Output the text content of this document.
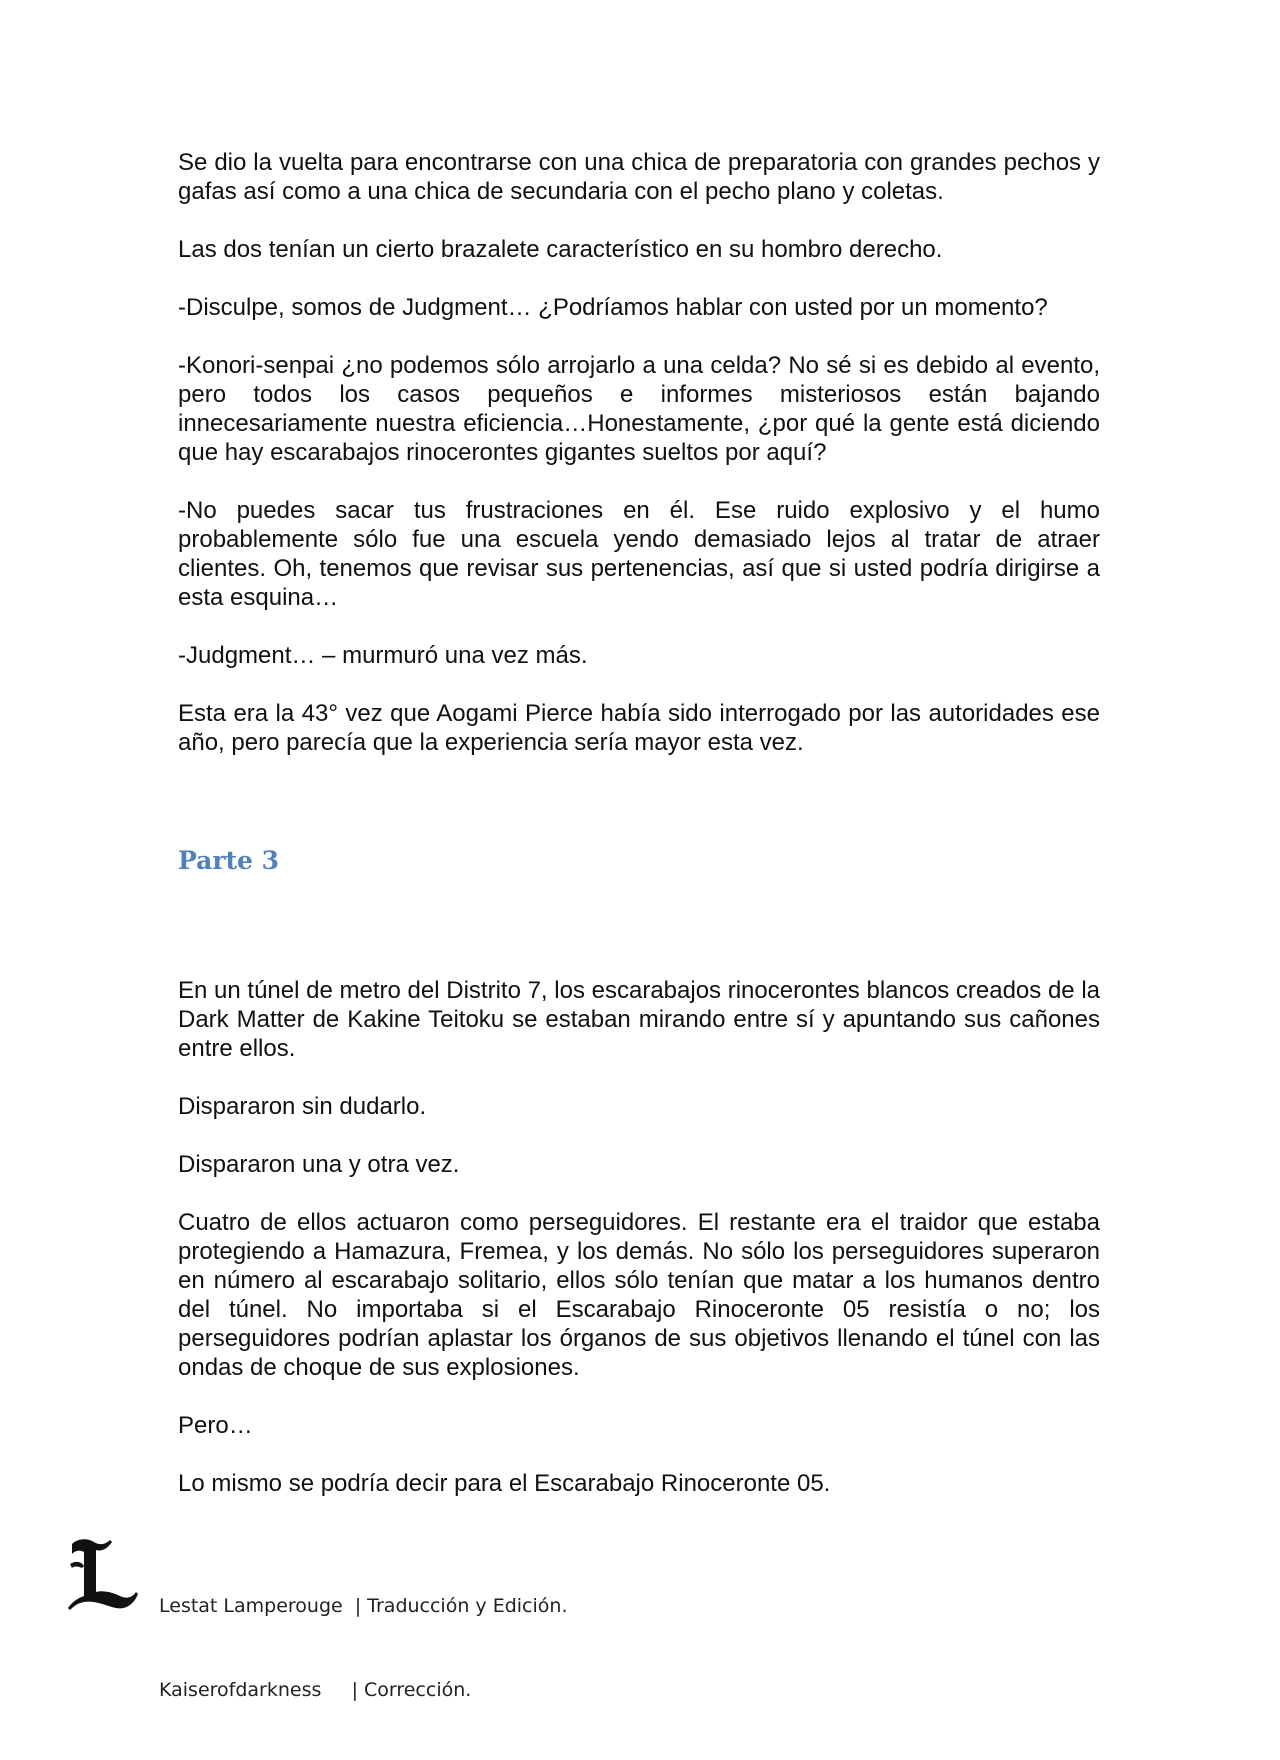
Se dio la vuelta para encontrarse con una chica de preparatoria con grandes pechos y gafas así como a una chica de secundaria con el pecho plano y coletas.

Las dos tenían un cierto brazalete característico en su hombro derecho.

-Disculpe, somos de Judgment… ¿Podríamos hablar con usted por un momento?

-Konori-senpai ¿no podemos sólo arrojarlo a una celda? No sé si es debido al evento, pero todos los casos pequeños e informes misteriosos están bajando innecesariamente nuestra eficiencia…Honestamente, ¿por qué la gente está diciendo que hay escarabajos rinocerontes gigantes sueltos por aquí?

-No puedes sacar tus frustraciones en él. Ese ruido explosivo y el humo probablemente sólo fue una escuela yendo demasiado lejos al tratar de atraer clientes. Oh, tenemos que revisar sus pertenencias, así que si usted podría dirigirse a esta esquina…

-Judgment… – murmuró una vez más.

Esta era la 43° vez que Aogami Pierce había sido interrogado por las autoridades ese año, pero parecía que la experiencia sería mayor esta vez.

Parte 3

En un túnel de metro del Distrito 7, los escarabajos rinocerontes blancos creados de la Dark Matter de Kakine Teitoku se estaban mirando entre sí y apuntando sus cañones entre ellos.

Dispararon sin dudarlo.

Dispararon una y otra vez.

Cuatro de ellos actuaron como perseguidores. El restante era el traidor que estaba protegiendo a Hamazura, Fremea, y los demás. No sólo los perseguidores superaron en número al escarabajo solitario, ellos sólo tenían que matar a los humanos dentro del túnel. No importaba si el Escarabajo Rinoceronte 05 resistía o no; los perseguidores podrían aplastar los órganos de sus objetivos llenando el túnel con las ondas de choque de sus explosiones.

Pero…

Lo mismo se podría decir para el Escarabajo Rinoceronte 05.

Lestat Lamperouge | Traducción y Edición.

Kaiserofdarkness    | Corrección.
